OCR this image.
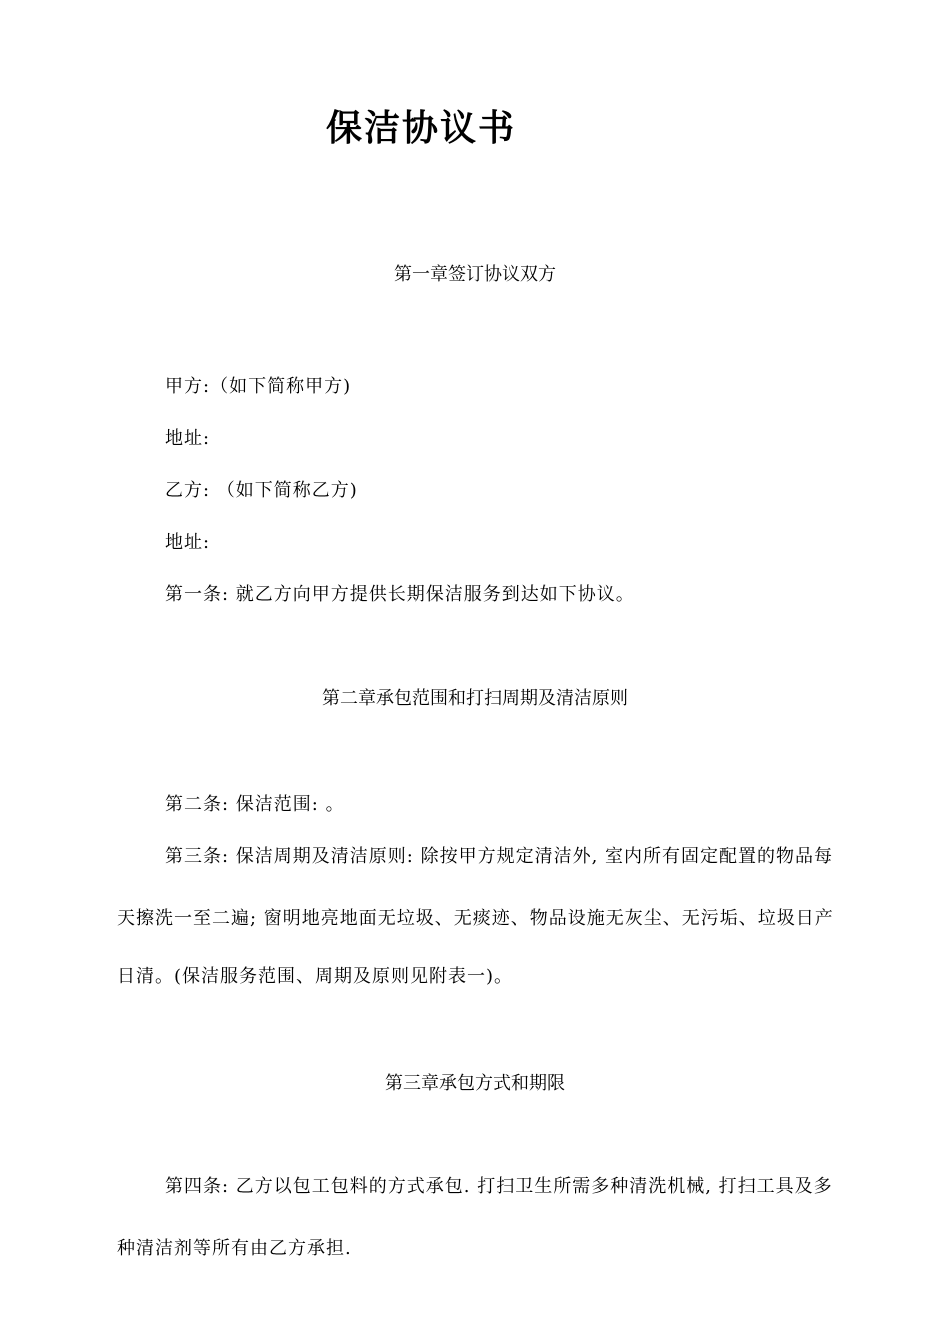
保洁协议书
第一章签订协议双方
甲方:（如下简称甲方)
地址:
乙方: （如下简称乙方)
地址:
第一条: 就乙方向甲方提供长期保洁服务到达如下协议。
第二章承包范围和打扫周期及清洁原则
第二条: 保洁范围: 。
第三条: 保洁周期及清洁原则: 除按甲方规定清洁外, 室内所有固定配置的物品每
天擦洗一至二遍; 窗明地亮地面无垃圾、无痰迹、物品设施无灰尘、无污垢、垃圾日产
日清。(保洁服务范围、周期及原则见附表一)。
第三章承包方式和期限
第四条: 乙方以包工包料的方式承包. 打扫卫生所需多种清洗机械, 打扫工具及多
种清洁剂等所有由乙方承担.
